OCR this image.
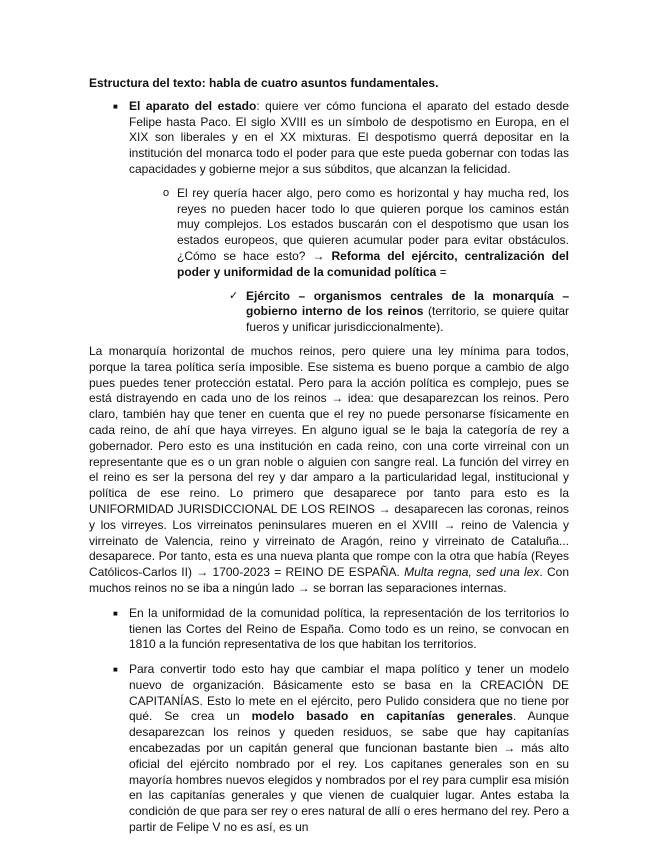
Estructura del texto: habla de cuatro asuntos fundamentales.

■ El aparato del estado: quiere ver cómo funciona el aparato del estado desde Felipe hasta Paco. El siglo XVIII es un símbolo de despotismo en Europa, en el XIX son liberales y en el XX mixturas. El despotismo querrá depositar en la institución del monarca todo el poder para que este pueda gobernar con todas las capacidades y gobierne mejor a sus súbditos, que alcanzan la felicidad.
o El rey quería hacer algo, pero como es horizontal y hay mucha red, los reyes no pueden hacer todo lo que quieren porque los caminos están muy complejos. Los estados buscarán con el despotismo que usan los estados europeos, que quieren acumular poder para evitar obstáculos. ¿Cómo se hace esto? → Reforma del ejército, centralización del poder y uniformidad de la comunidad política =
✓ Ejército – organismos centrales de la monarquía – gobierno interno de los reinos (territorio, se quiere quitar fueros y unificar jurisdiccionalmente).

La monarquía horizontal de muchos reinos, pero quiere una ley mínima para todos, porque la tarea política sería imposible. Ese sistema es bueno porque a cambio de algo pues puedes tener protección estatal. Pero para la acción política es complejo, pues se está distrayendo en cada uno de los reinos → idea: que desaparezcan los reinos. Pero claro, también hay que tener en cuenta que el rey no puede personarse físicamente en cada reino, de ahí que haya virreyes. En alguno igual se le baja la categoría de rey a gobernador. Pero esto es una institución en cada reino, con una corte virreinal con un representante que es o un gran noble o alguien con sangre real. La función del virrey en el reino es ser la persona del rey y dar amparo a la particularidad legal, institucional y política de ese reino. Lo primero que desaparece por tanto para esto es la UNIFORMIDAD JURISDICCIONAL DE LOS REINOS → desaparecen las coronas, reinos y los virreyes. Los virreinatos peninsulares mueren en el XVIII → reino de Valencia y virreinato de Valencia, reino y virreinato de Aragón, reino y virreinato de Cataluña... desaparece. Por tanto, esta es una nueva planta que rompe con la otra que había (Reyes Católicos-Carlos II) → 1700-2023 = REINO DE ESPAÑA. Multa regna, sed una lex. Con muchos reinos no se iba a ningún lado → se borran las separaciones internas.

■ En la uniformidad de la comunidad política, la representación de los territorios lo tienen las Cortes del Reino de España. Como todo es un reino, se convocan en 1810 a la función representativa de los que habitan los territorios.
■ Para convertir todo esto hay que cambiar el mapa político y tener un modelo nuevo de organización. Básicamente esto se basa en la CREACIÓN DE CAPITANÍAS. Esto lo mete en el ejército, pero Pulido considera que no tiene por qué. Se crea un modelo basado en capitanías generales. Aunque desaparezcan los reinos y queden residuos, se sabe que hay capitanías encabezadas por un capitán general que funcionan bastante bien → más alto oficial del ejército nombrado por el rey. Los capitanes generales son en su mayoría hombres nuevos elegidos y nombrados por el rey para cumplir esa misión en las capitanías generales y que vienen de cualquier lugar. Antes estaba la condición de que para ser rey o eres natural de allí o eres hermano del rey. Pero a partir de Felipe V no es así, es un
